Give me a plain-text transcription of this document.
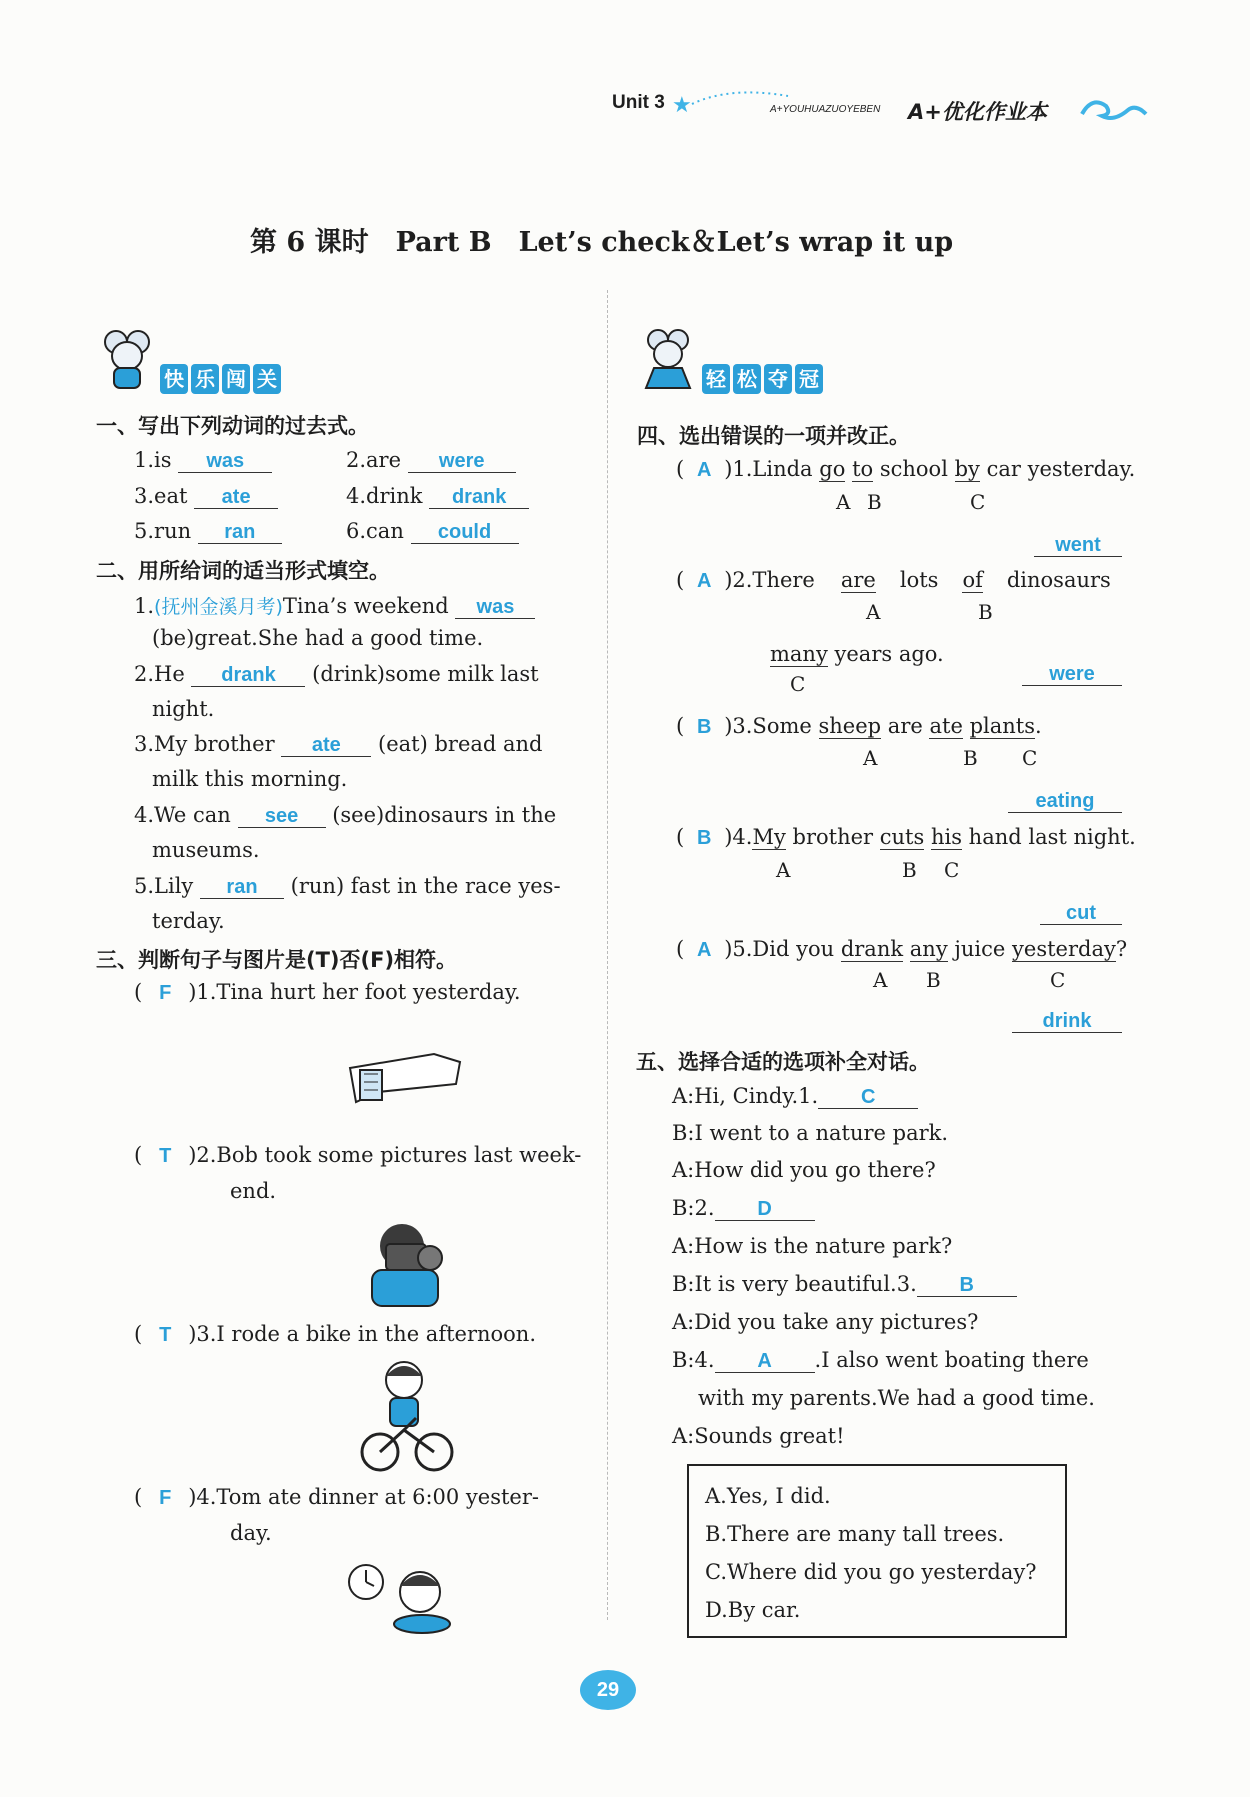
Unit 3 ★	A+YOUHUAZUOYEBEN A+优化作业本
第 6 课时　Part B　Let’s check＆Let’s wrap it up
快 乐 闯 关	轻 松 夺 冠
一、写出下列动词的过去式。
1.is was	2.are were
3.eat ate	4.drink drank
5.run ran	6.can could
二、用所给词的适当形式填空。
1.(抚州金溪月考)Tina’s weekend was
(be)great.She had a good time.
2.He drank (drink)some milk last
night.
3.My brother ate (eat) bread and
milk this morning.
4.We can see (see)dinosaurs in the
museums.
5.Lily ran (run) fast in the race yes-
terday.
三、判断句子与图片是(T)否(F)相符。
( F )1.Tina hurt her foot yesterday.
( T )2.Bob took some pictures last week-
end.
( T )3.I rode a bike in the afternoon.
( F )4.Tom ate dinner at 6:00 yester-
day.
四、选出错误的一项并改正。
( A )1.Linda go to school by car yesterday.
A B	C
went
( A )2.There are lots of dinosaurs
A	B
many years ago.
C	were
( B )3.Some sheep are ate plants.
A	B C
eating
( B )4.My brother cuts his hand last night.
A	B C
cut
( A )5.Did you drank any juice yesterday?
A B	C
drink
五、选择合适的选项补全对话。
A:Hi, Cindy.1. C
B:I went to a nature park.
A:How did you go there?
B:2. D
A:How is the nature park?
B:It is very beautiful.3. B
A:Did you take any pictures?
B:4. A .I also went boating there
with my parents.We had a good time.
A:Sounds great!
A.Yes, I did.
B.There are many tall trees.
C.Where did you go yesterday?
D.By car.
29
